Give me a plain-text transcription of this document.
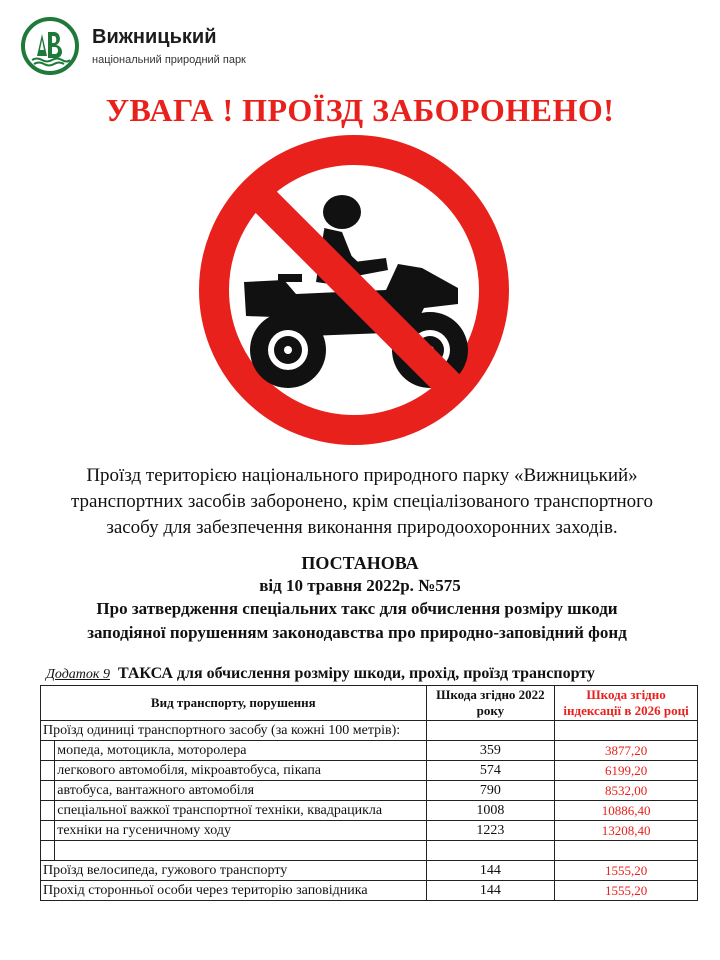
Вижницький
національний природний парк
УВАГА ! ПРОЇЗД ЗАБОРОНЕНО!
Проїзд територією національного природного парку «Вижницький»
транспортних засобів заборонено, крім спеціалізованого транспортного
засобу для забезпечення виконання природоохоронних заходів.
ПОСТАНОВА
від 10 травня 2022р. №575
Про затвердження спеціальних такс для обчислення розміру шкоди
заподіяної порушенням законодавства про природно-заповідний фонд
Додаток 9 ТАКСА для обчислення розміру шкоди, прохід, проїзд транспорту
Вид транспорту, порушення		Шкода згідно 2022 року	Шкода згідно індексації в 2026 році
Проїзд одиниці транспортного засобу (за кожні 100 метрів):			
	мопеда, мотоцикла, моторолера	359	3877,20
	легкового автомобіля, мікроавтобуса, пікапа	574	6199,20
	автобуса, вантажного автомобіля	790	8532,00
	спеціальної важкої транспортної техніки, квадрацикла	1008	10886,40
	техніки на гусеничному ходу	1223	13208,40

Проїзд велосипеда, гужового транспорту		144	1555,20
Прохід сторонньої особи через територію заповідника		144	1555,20
